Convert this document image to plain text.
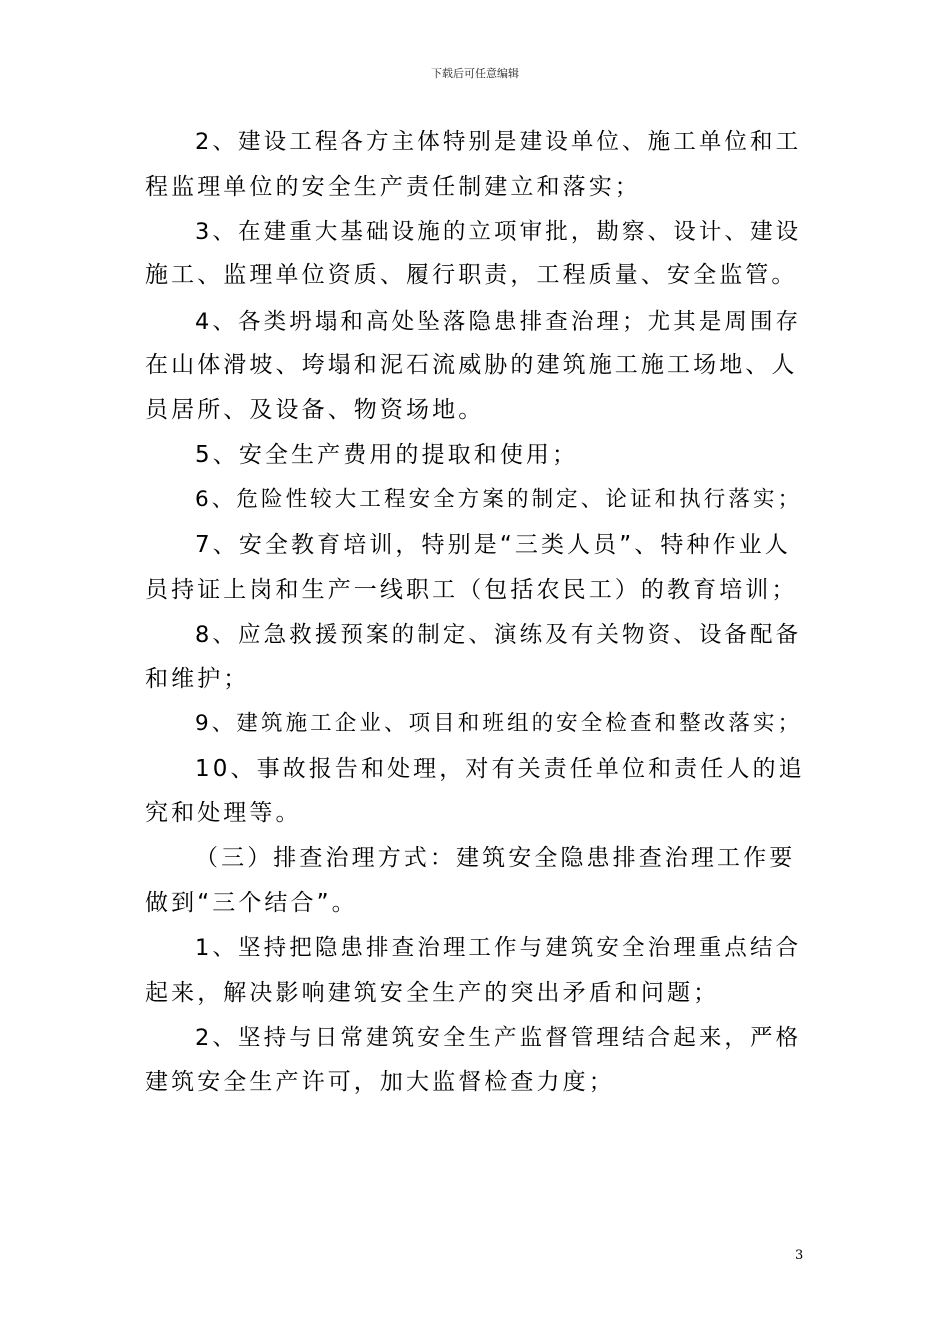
下载后可任意编辑
2、建设工程各方主体特别是建设单位、施工单位和工
程监理单位的安全生产责任制建立和落实；
3、在建重大基础设施的立项审批，勘察、设计、建设
施工、监理单位资质、履行职责，工程质量、安全监管。
4、各类坍塌和高处坠落隐患排查治理；尤其是周围存
在山体滑坡、垮塌和泥石流威胁的建筑施工施工场地、人
员居所、及设备、物资场地。
5、安全生产费用的提取和使用；
6、危险性较大工程安全方案的制定、论证和执行落实；
7、安全教育培训，特别是“三类人员”、特种作业人
员持证上岗和生产一线职工（包括农民工）的教育培训；
8、应急救援预案的制定、演练及有关物资、设备配备
和维护；
9、建筑施工企业、项目和班组的安全检查和整改落实；
10、事故报告和处理，对有关责任单位和责任人的追
究和处理等。
（三）排查治理方式：建筑安全隐患排查治理工作要
做到“三个结合”。
1、坚持把隐患排查治理工作与建筑安全治理重点结合
起来，解决影响建筑安全生产的突出矛盾和问题；
2、坚持与日常建筑安全生产监督管理结合起来，严格
建筑安全生产许可，加大监督检查力度；
3
